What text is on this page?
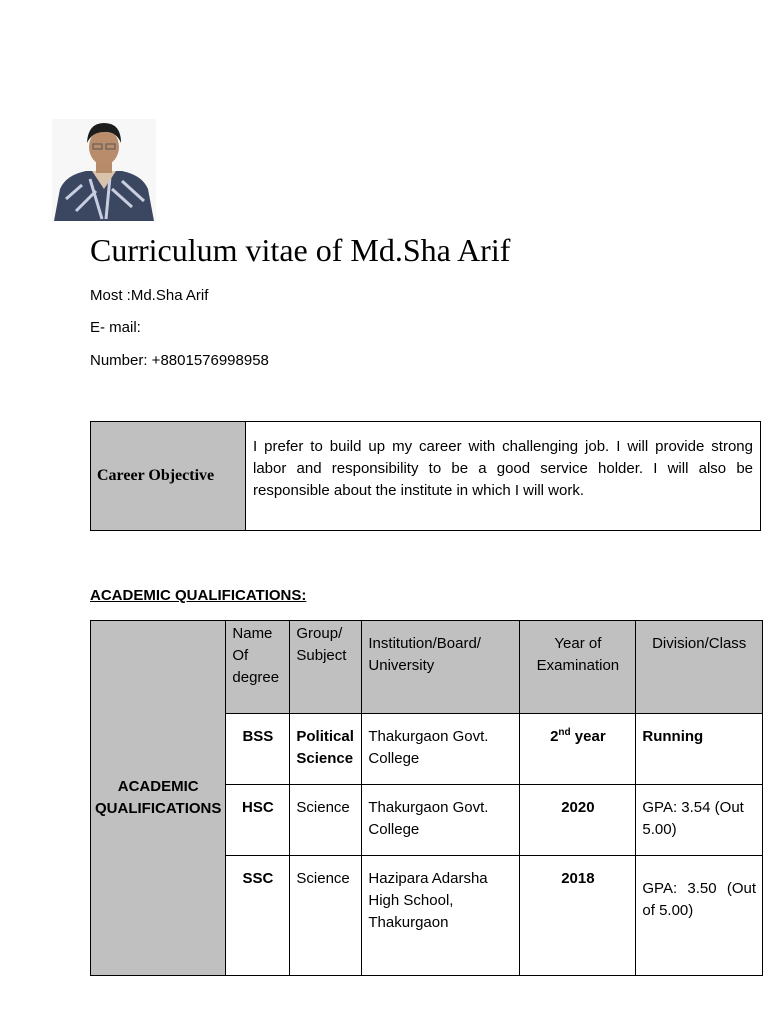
Curriculum vitae of Md.Sha Arif
Most :Md.Sha Arif
E- mail:
Number: +8801576998958
Career Objective	I prefer to build up my career with challenging job. I will provide strong labor and responsibility to be a good service holder. I will also be responsible about the institute in which I will work.
ACADEMIC QUALIFICATIONS:
ACADEMIC QUALIFICATIONS	Name Of degree	Group/ Subject	Institution/Board/ University	Year of Examination	Division/Class
	BSS	Political Science	Thakurgaon Govt. College	2nd year	Running
	HSC	Science	Thakurgaon Govt. College	2020	GPA: 3.54 (Out 5.00)
	SSC	Science	Hazipara Adarsha High School, Thakurgaon	2018	GPA: 3.50 (Out of 5.00)
